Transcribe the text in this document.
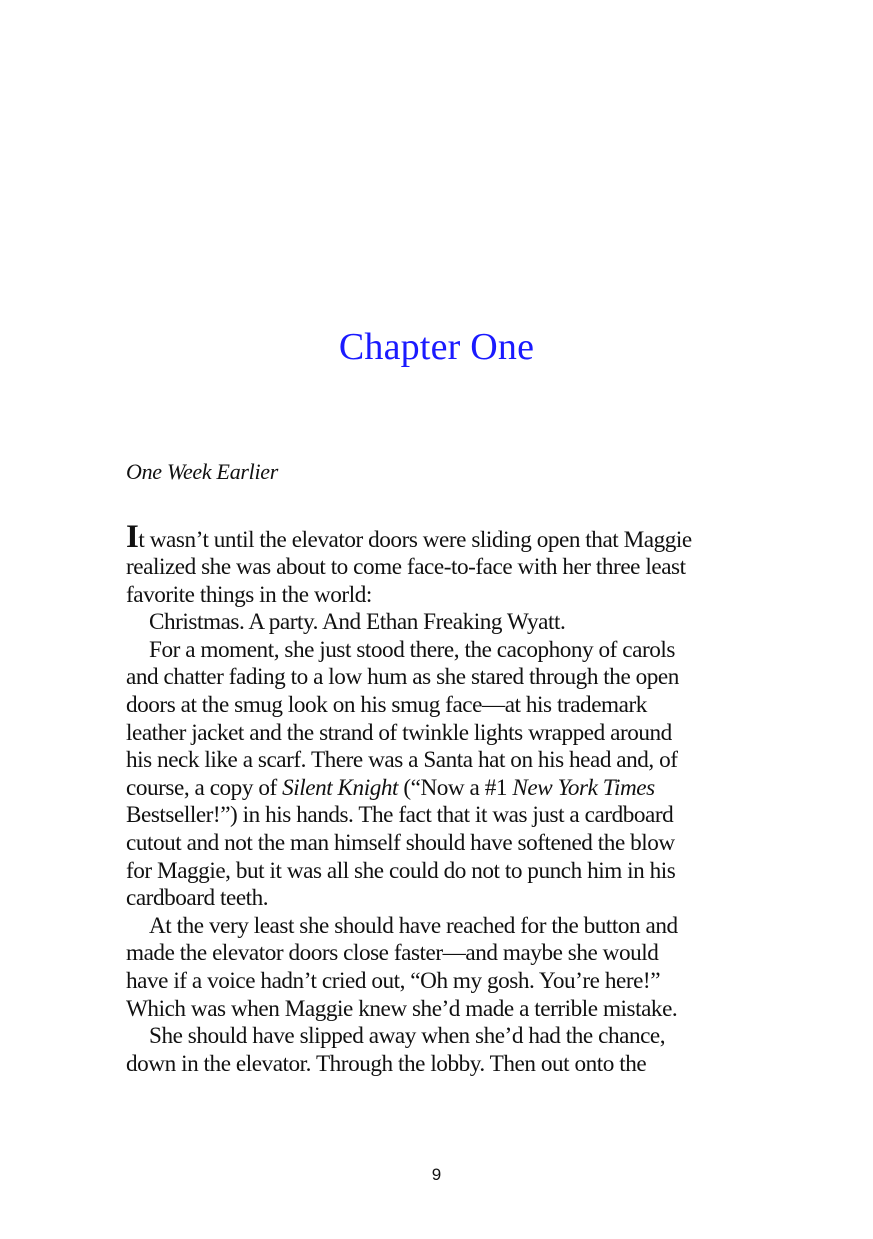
Chapter One
One Week Earlier
It wasn’t until the elevator doors were sliding open that Maggie
realized she was about to come face-to-face with her three least
favorite things in the world:
Christmas. A party. And Ethan Freaking Wyatt.
For a moment, she just stood there, the cacophony of carols
and chatter fading to a low hum as she stared through the open
doors at the smug look on his smug face—at his trademark
leather jacket and the strand of twinkle lights wrapped around
his neck like a scarf. There was a Santa hat on his head and, of
course, a copy of Silent Knight (“Now a #1 New York Times
Bestseller!”) in his hands. The fact that it was just a cardboard
cutout and not the man himself should have softened the blow
for Maggie, but it was all she could do not to punch him in his
cardboard teeth.
At the very least she should have reached for the button and
made the elevator doors close faster—and maybe she would
have if a voice hadn’t cried out, “Oh my gosh. You’re here!”
Which was when Maggie knew she’d made a terrible mistake.
She should have slipped away when she’d had the chance,
down in the elevator. Through the lobby. Then out onto the
9
